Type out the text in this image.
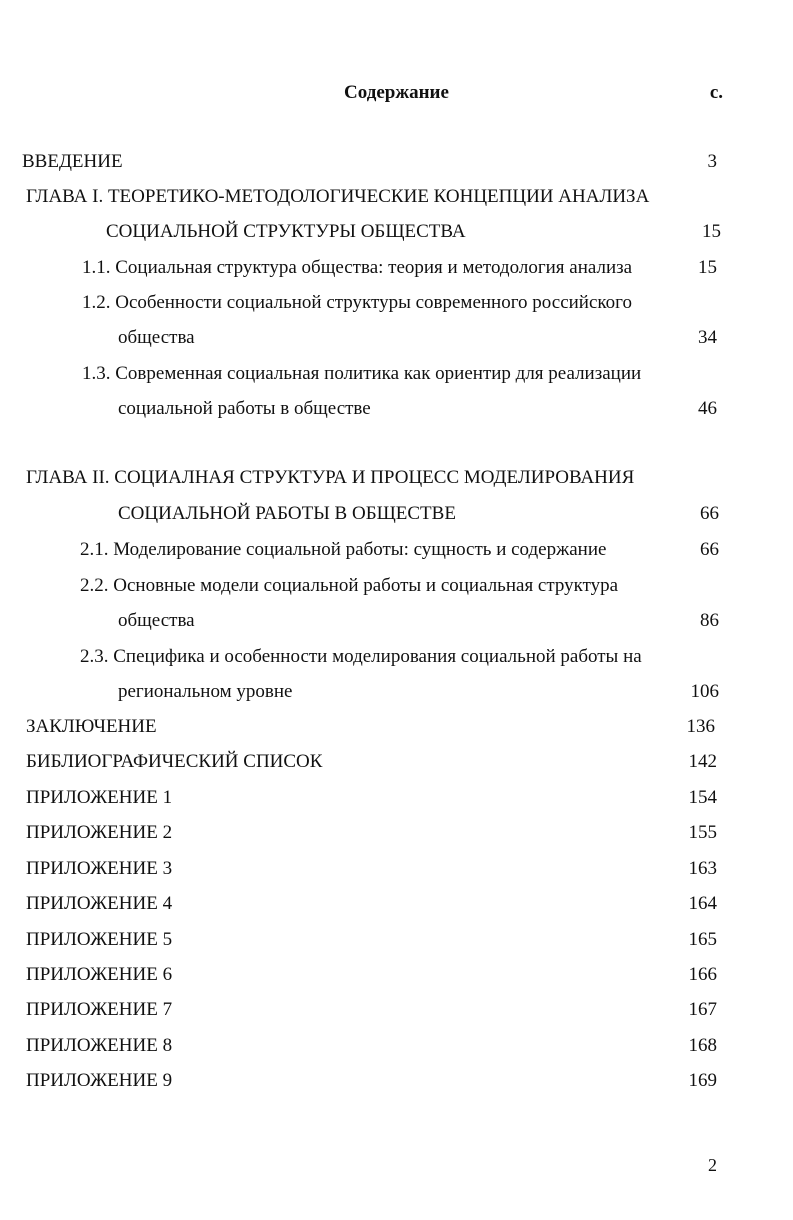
Содержание	с.
ВВЕДЕНИЕ	3
ГЛАВА I. ТЕОРЕТИКО-МЕТОДОЛОГИЧЕСКИЕ КОНЦЕПЦИИ АНАЛИЗА
СОЦИАЛЬНОЙ СТРУКТУРЫ ОБЩЕСТВА	15
1.1. Социальная структура общества: теория и методология анализа	15
1.2. Особенности социальной структуры современного российского
общества	34
1.3. Современная социальная политика как ориентир для реализации
социальной работы в обществе	46
ГЛАВА II. СОЦИАЛНАЯ СТРУКТУРА И ПРОЦЕСС МОДЕЛИРОВАНИЯ
СОЦИАЛЬНОЙ РАБОТЫ В ОБЩЕСТВЕ	66
2.1. Моделирование социальной работы: сущность и содержание	66
2.2. Основные модели социальной работы и социальная структура
общества	86
2.3. Специфика и особенности моделирования социальной работы на
региональном уровне	106
ЗАКЛЮЧЕНИЕ	136
БИБЛИОГРАФИЧЕСКИЙ СПИСОК	142
ПРИЛОЖЕНИЕ 1	154
ПРИЛОЖЕНИЕ 2	155
ПРИЛОЖЕНИЕ 3	163
ПРИЛОЖЕНИЕ 4	164
ПРИЛОЖЕНИЕ 5	165
ПРИЛОЖЕНИЕ 6	166
ПРИЛОЖЕНИЕ 7	167
ПРИЛОЖЕНИЕ 8	168
ПРИЛОЖЕНИЕ 9	169
2
